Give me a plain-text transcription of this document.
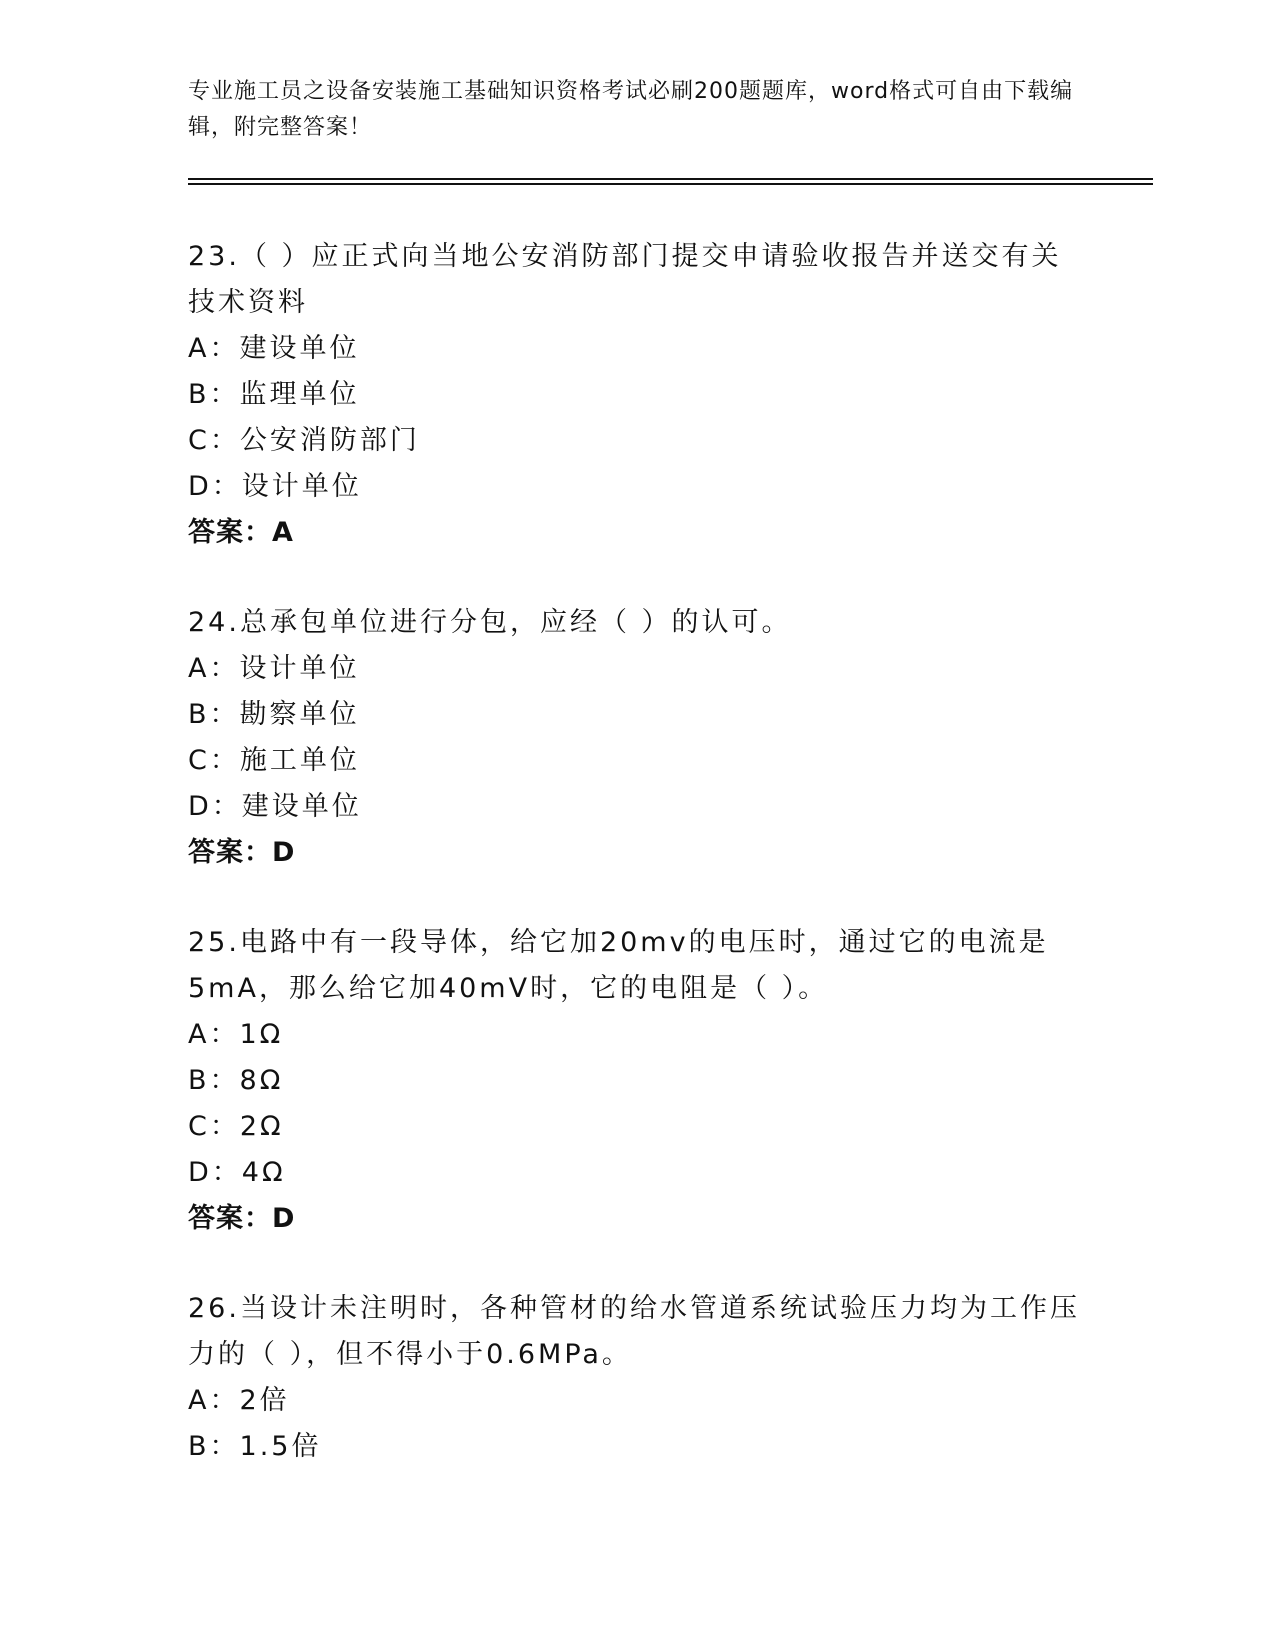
专业施工员之设备安装施工基础知识资格考试必刷200题题库，word格式可自由下载编辑，附完整答案！
23.（ ）应正式向当地公安消防部门提交申请验收报告并送交有关技术资料
A：建设单位
B：监理单位
C：公安消防部门
D：设计单位
答案：A
24.总承包单位进行分包，应经（ ）的认可。
A：设计单位
B：勘察单位
C：施工单位
D：建设单位
答案：D
25.电路中有一段导体，给它加20mv的电压时，通过它的电流是5mA，那么给它加40mV时，它的电阻是（ ）。
A：1Ω
B：8Ω
C：2Ω
D：4Ω
答案：D
26.当设计未注明时，各种管材的给水管道系统试验压力均为工作压力的（ ），但不得小于0.6MPa。
A：2倍
B：1.5倍
